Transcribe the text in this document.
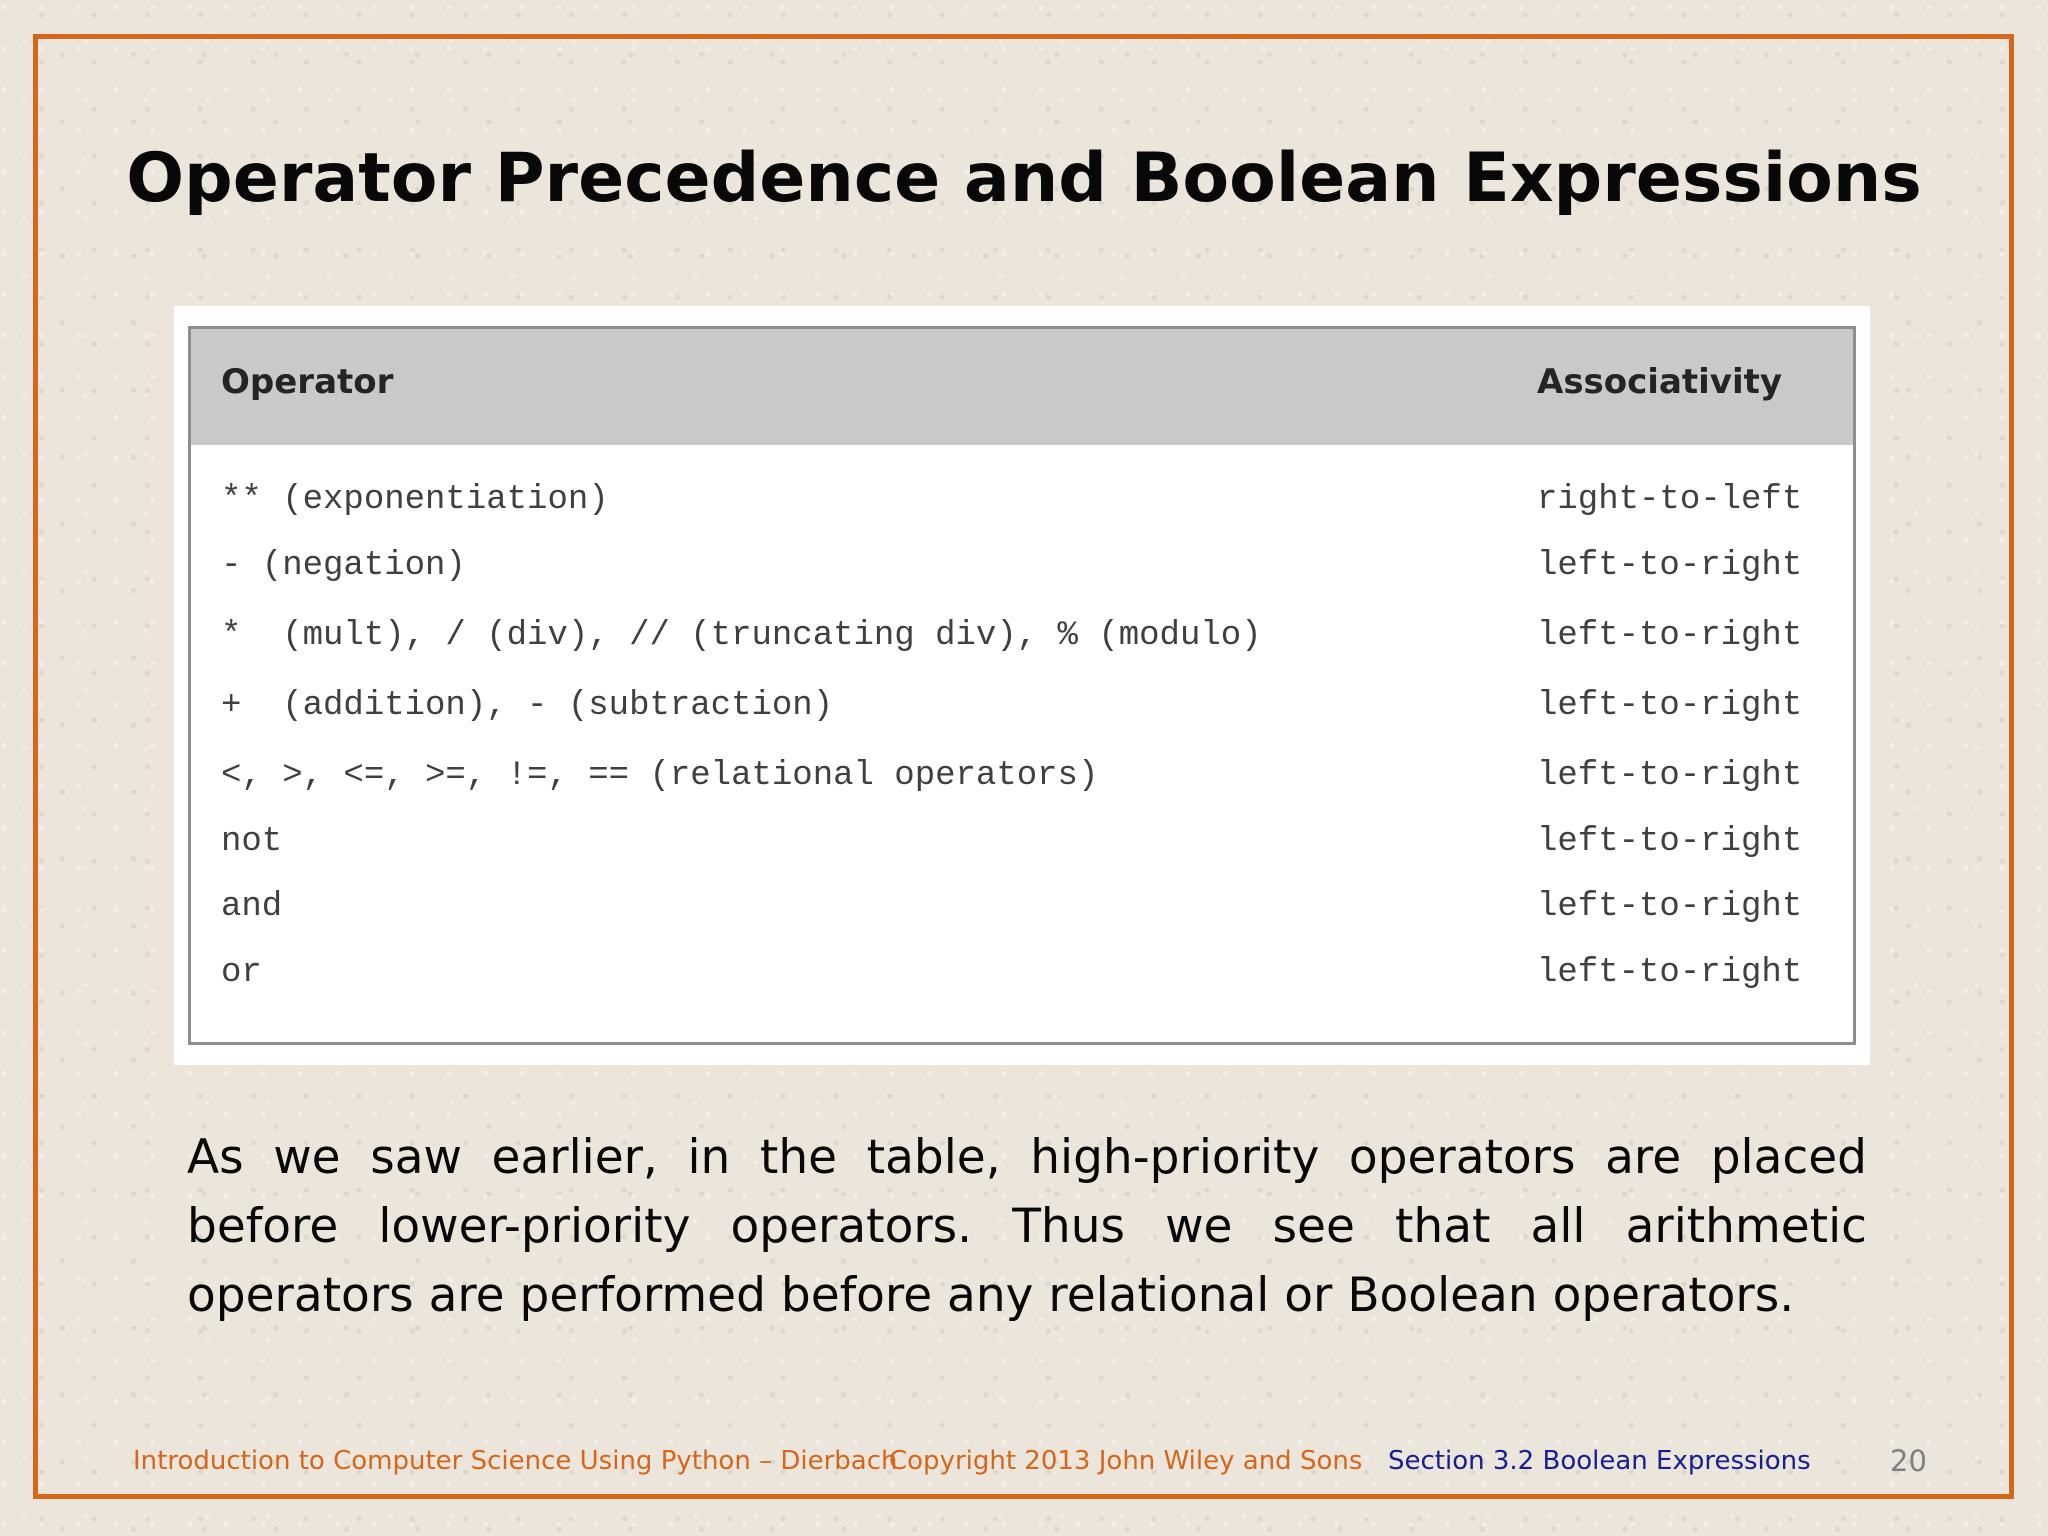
Operator Precedence and Boolean Expressions
Operator	Associativity
** (exponentiation)	right-to-left
- (negation)	left-to-right
*  (mult), / (div), // (truncating div), % (modulo)	left-to-right
+  (addition), - (subtraction)	left-to-right
<, >, <=, >=, !=, == (relational operators)	left-to-right
not	left-to-right
and	left-to-right
or	left-to-right

As we saw earlier, in the table, high-priority operators are placed before lower-priority operators. Thus we see that all arithmetic operators are performed before any relational or Boolean operators.

Introduction to Computer Science Using Python – Dierbach
Copyright 2013 John Wiley and Sons Section 3.2 Boolean Expressions	20
